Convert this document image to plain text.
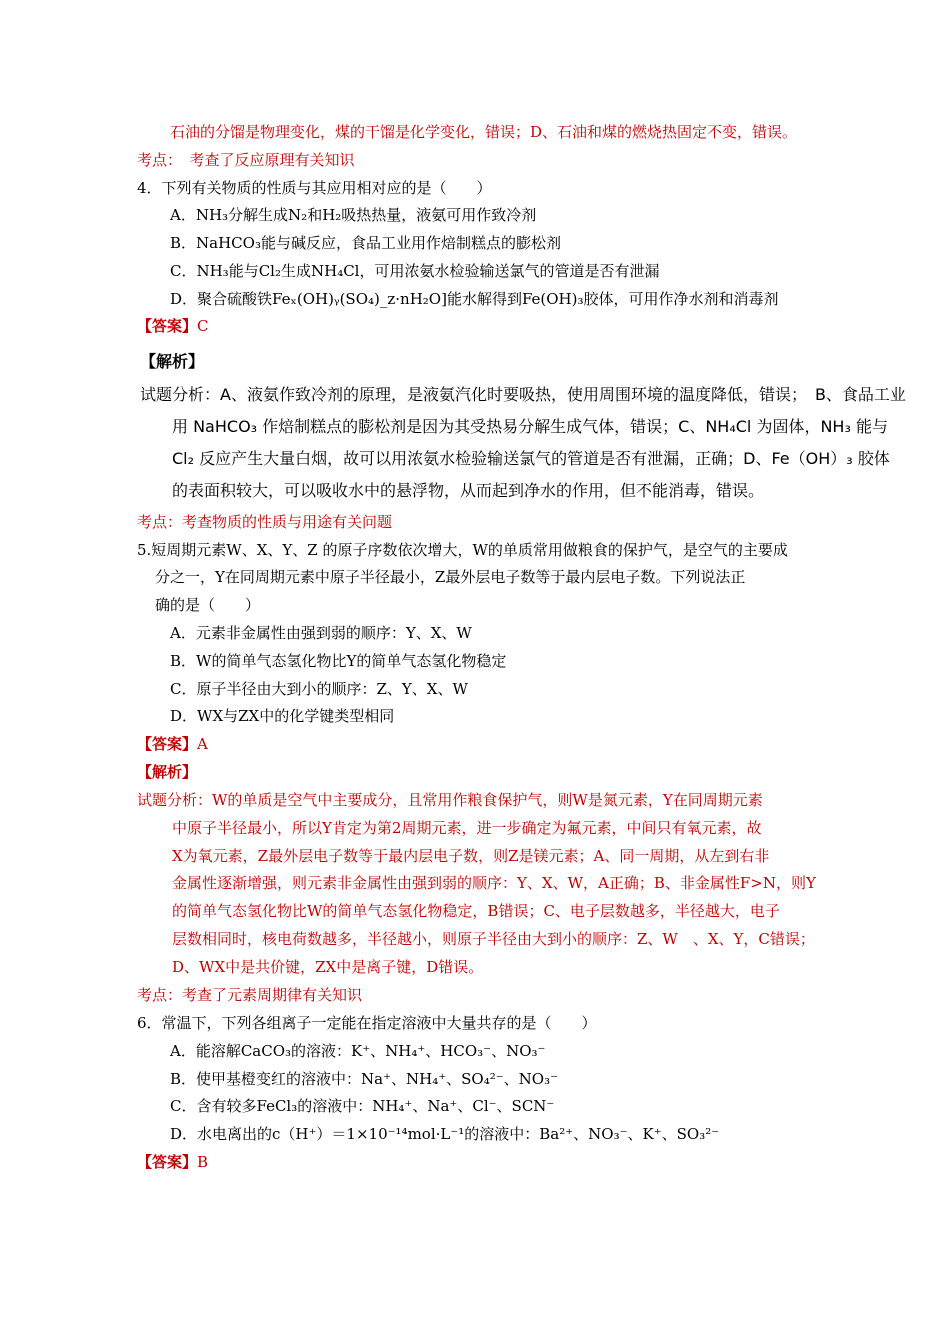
石油的分馏是物理变化，煤的干馏是化学变化，错误；D、石油和煤的燃烧热固定不变，错误。
考点：　考查了反应原理有关知识
4．下列有关物质的性质与其应用相对应的是（　　）
A．NH₃分解生成N₂和H₂吸热热量，液氨可用作致冷剂
B．NaHCO₃能与碱反应，食品工业用作焙制糕点的膨松剂
C．NH₃能与Cl₂生成NH₄Cl，可用浓氨水检验输送氯气的管道是否有泄漏
D．聚合硫酸铁Feₓ(OH)ᵧ(SO₄)_z·nH₂O]能水解得到Fe(OH)₃胶体，可用作净水剂和消毒剂
【答案】C
【解析】
试题分析：A、液氨作致冷剂的原理，是液氨汽化时要吸热，使用周围环境的温度降低，错误；　B、食品工业
用 NaHCO₃ 作焙制糕点的膨松剂是因为其受热易分解生成气体，错误；C、NH₄Cl 为固体，NH₃ 能与
Cl₂ 反应产生大量白烟，故可以用浓氨水检验输送氯气的管道是否有泄漏，正确；D、Fe（OH）₃ 胶体
的表面积较大，可以吸收水中的悬浮物，从而起到净水的作用，但不能消毒，错误。
考点：考查物质的性质与用途有关问题
5.短周期元素W、X、Y、Z 的原子序数依次增大，W的单质常用做粮食的保护气，是空气的主要成
分之一，Y在同周期元素中原子半径最小，Z最外层电子数等于最内层电子数。下列说法正
确的是（　　）
A．元素非金属性由强到弱的顺序：Y、X、W
B．W的简单气态氢化物比Y的简单气态氢化物稳定
C．原子半径由大到小的顺序：Z、Y、X、W
D．WX与ZX中的化学键类型相同
【答案】A
【解析】
试题分析：W的单质是空气中主要成分，且常用作粮食保护气，则W是氮元素，Y在同周期元素
中原子半径最小，所以Y肯定为第2周期元素，进一步确定为氟元素，中间只有氧元素，故
X为氧元素，Z最外层电子数等于最内层电子数，则Z是镁元素；A、同一周期，从左到右非
金属性逐渐增强，则元素非金属性由强到弱的顺序：Y、X、W，A正确；B、非金属性F>N，则Y
的简单气态氢化物比W的简单气态氢化物稳定，B错误；C、电子层数越多，半径越大，电子
层数相同时，核电荷数越多，半径越小，则原子半径由大到小的顺序：Z、W　、X、Y，C错误；
D、WX中是共价键，ZX中是离子键，D错误。
考点：考查了元素周期律有关知识
6．常温下，下列各组离子一定能在指定溶液中大量共存的是（　　）
A．能溶解CaCO₃的溶液：K⁺、NH₄⁺、HCO₃⁻、NO₃⁻
B．使甲基橙变红的溶液中：Na⁺、NH₄⁺、SO₄²⁻、NO₃⁻
C．含有较多FeCl₃的溶液中：NH₄⁺、Na⁺、Cl⁻、SCN⁻
D．水电离出的c（H⁺）＝1×10⁻¹⁴mol·L⁻¹的溶液中：Ba²⁺、NO₃⁻、K⁺、SO₃²⁻
【答案】B
